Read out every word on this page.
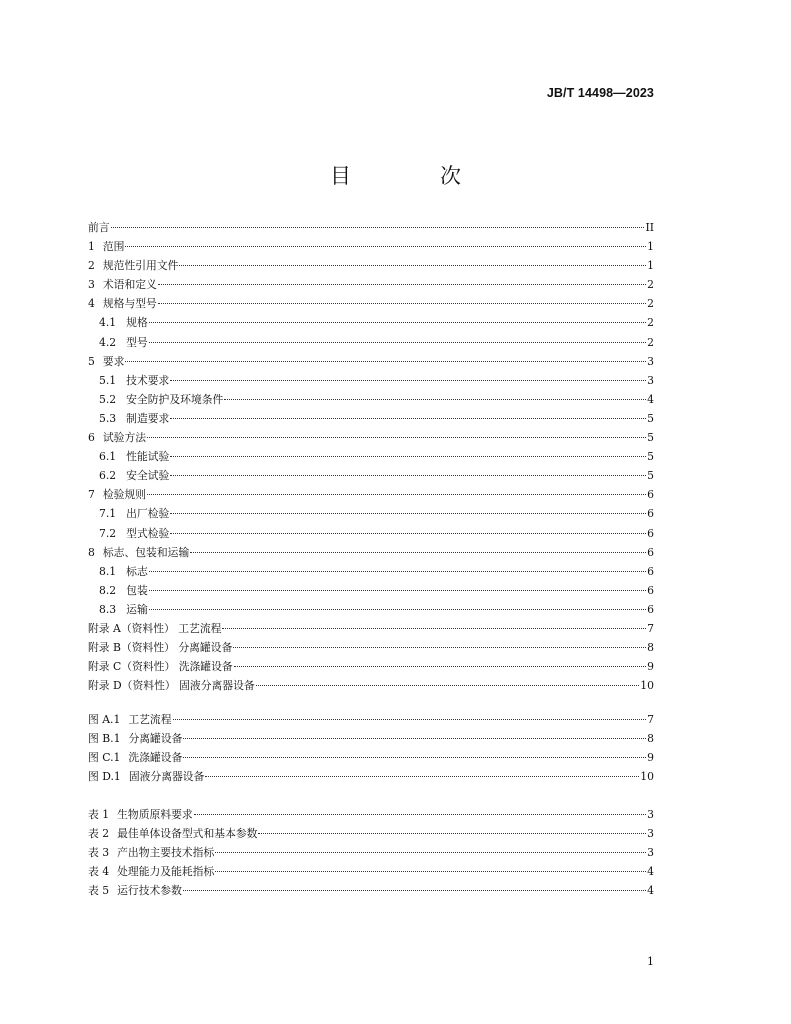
JB/T 14498—2023
目　次
前言	II
1 范围	1
2 规范性引用文件	1
3 术语和定义	2
4 规格与型号	2
4.1 规格	2
4.2 型号	2
5 要求	3
5.1 技术要求	3
5.2 安全防护及环境条件	4
5.3 制造要求	5
6 试验方法	5
6.1 性能试验	5
6.2 安全试验	5
7 检验规则	6
7.1 出厂检验	6
7.2 型式检验	6
8 标志、包装和运输	6
8.1 标志	6
8.2 包装	6
8.3 运输	6
附录 A（资料性） 工艺流程	7
附录 B（资料性） 分离罐设备	8
附录 C（资料性） 洗涤罐设备	9
附录 D（资料性） 固液分离器设备	10
图 A.1 工艺流程	7
图 B.1 分离罐设备	8
图 C.1 洗涤罐设备	9
图 D.1 固液分离器设备	10
表 1 生物质原料要求	3
表 2 最佳单体设备型式和基本参数	3
表 3 产出物主要技术指标	3
表 4 处理能力及能耗指标	4
表 5 运行技术参数	4
1
